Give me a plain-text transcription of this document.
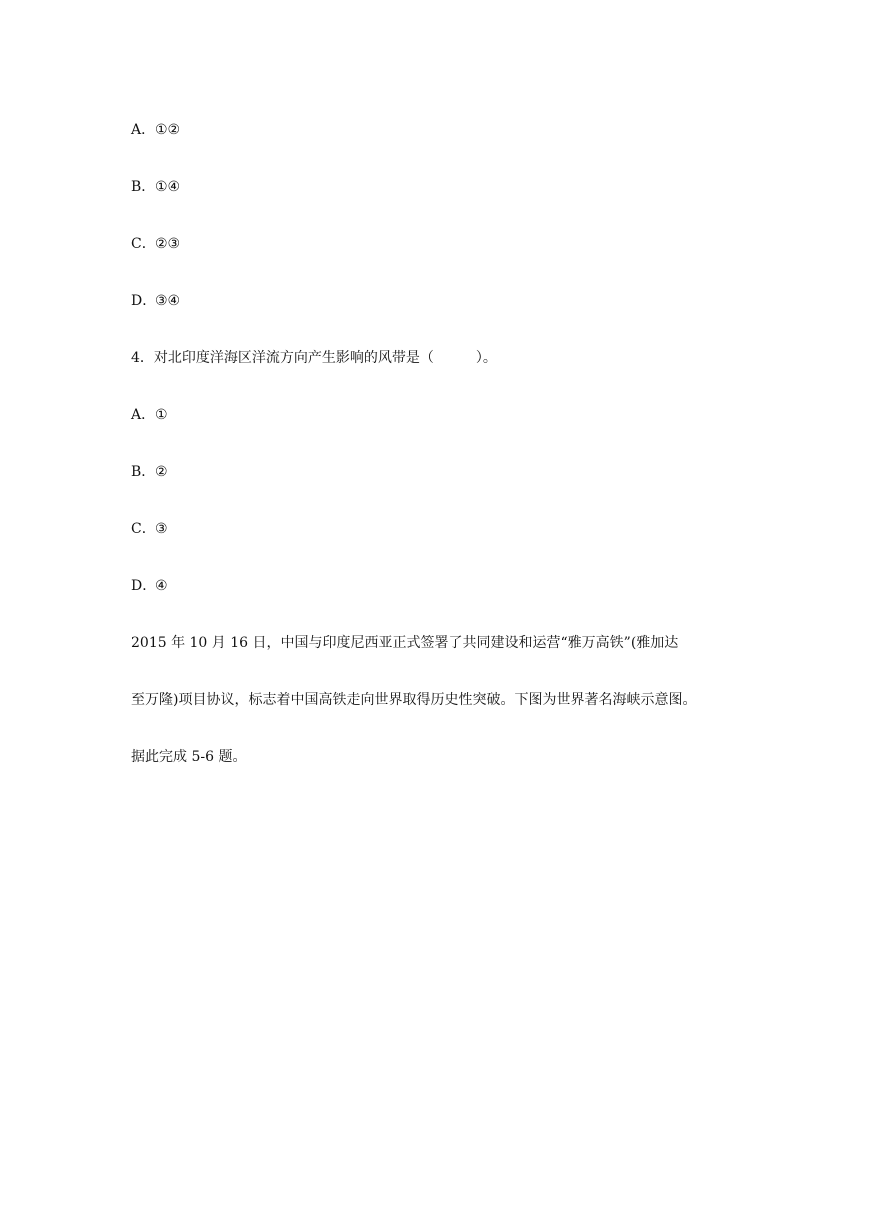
A．①②
B．①④
C．②③
D．③④
4．对北印度洋海区洋流方向产生影响的风带是（　　　）。
A．①
B．②
C．③
D．④
2015 年 10 月 16 日，中国与印度尼西亚正式签署了共同建设和运营“雅万高铁”(雅加达
至万隆)项目协议，标志着中国高铁走向世界取得历史性突破。下图为世界著名海峡示意图。
据此完成 5-6 题。
